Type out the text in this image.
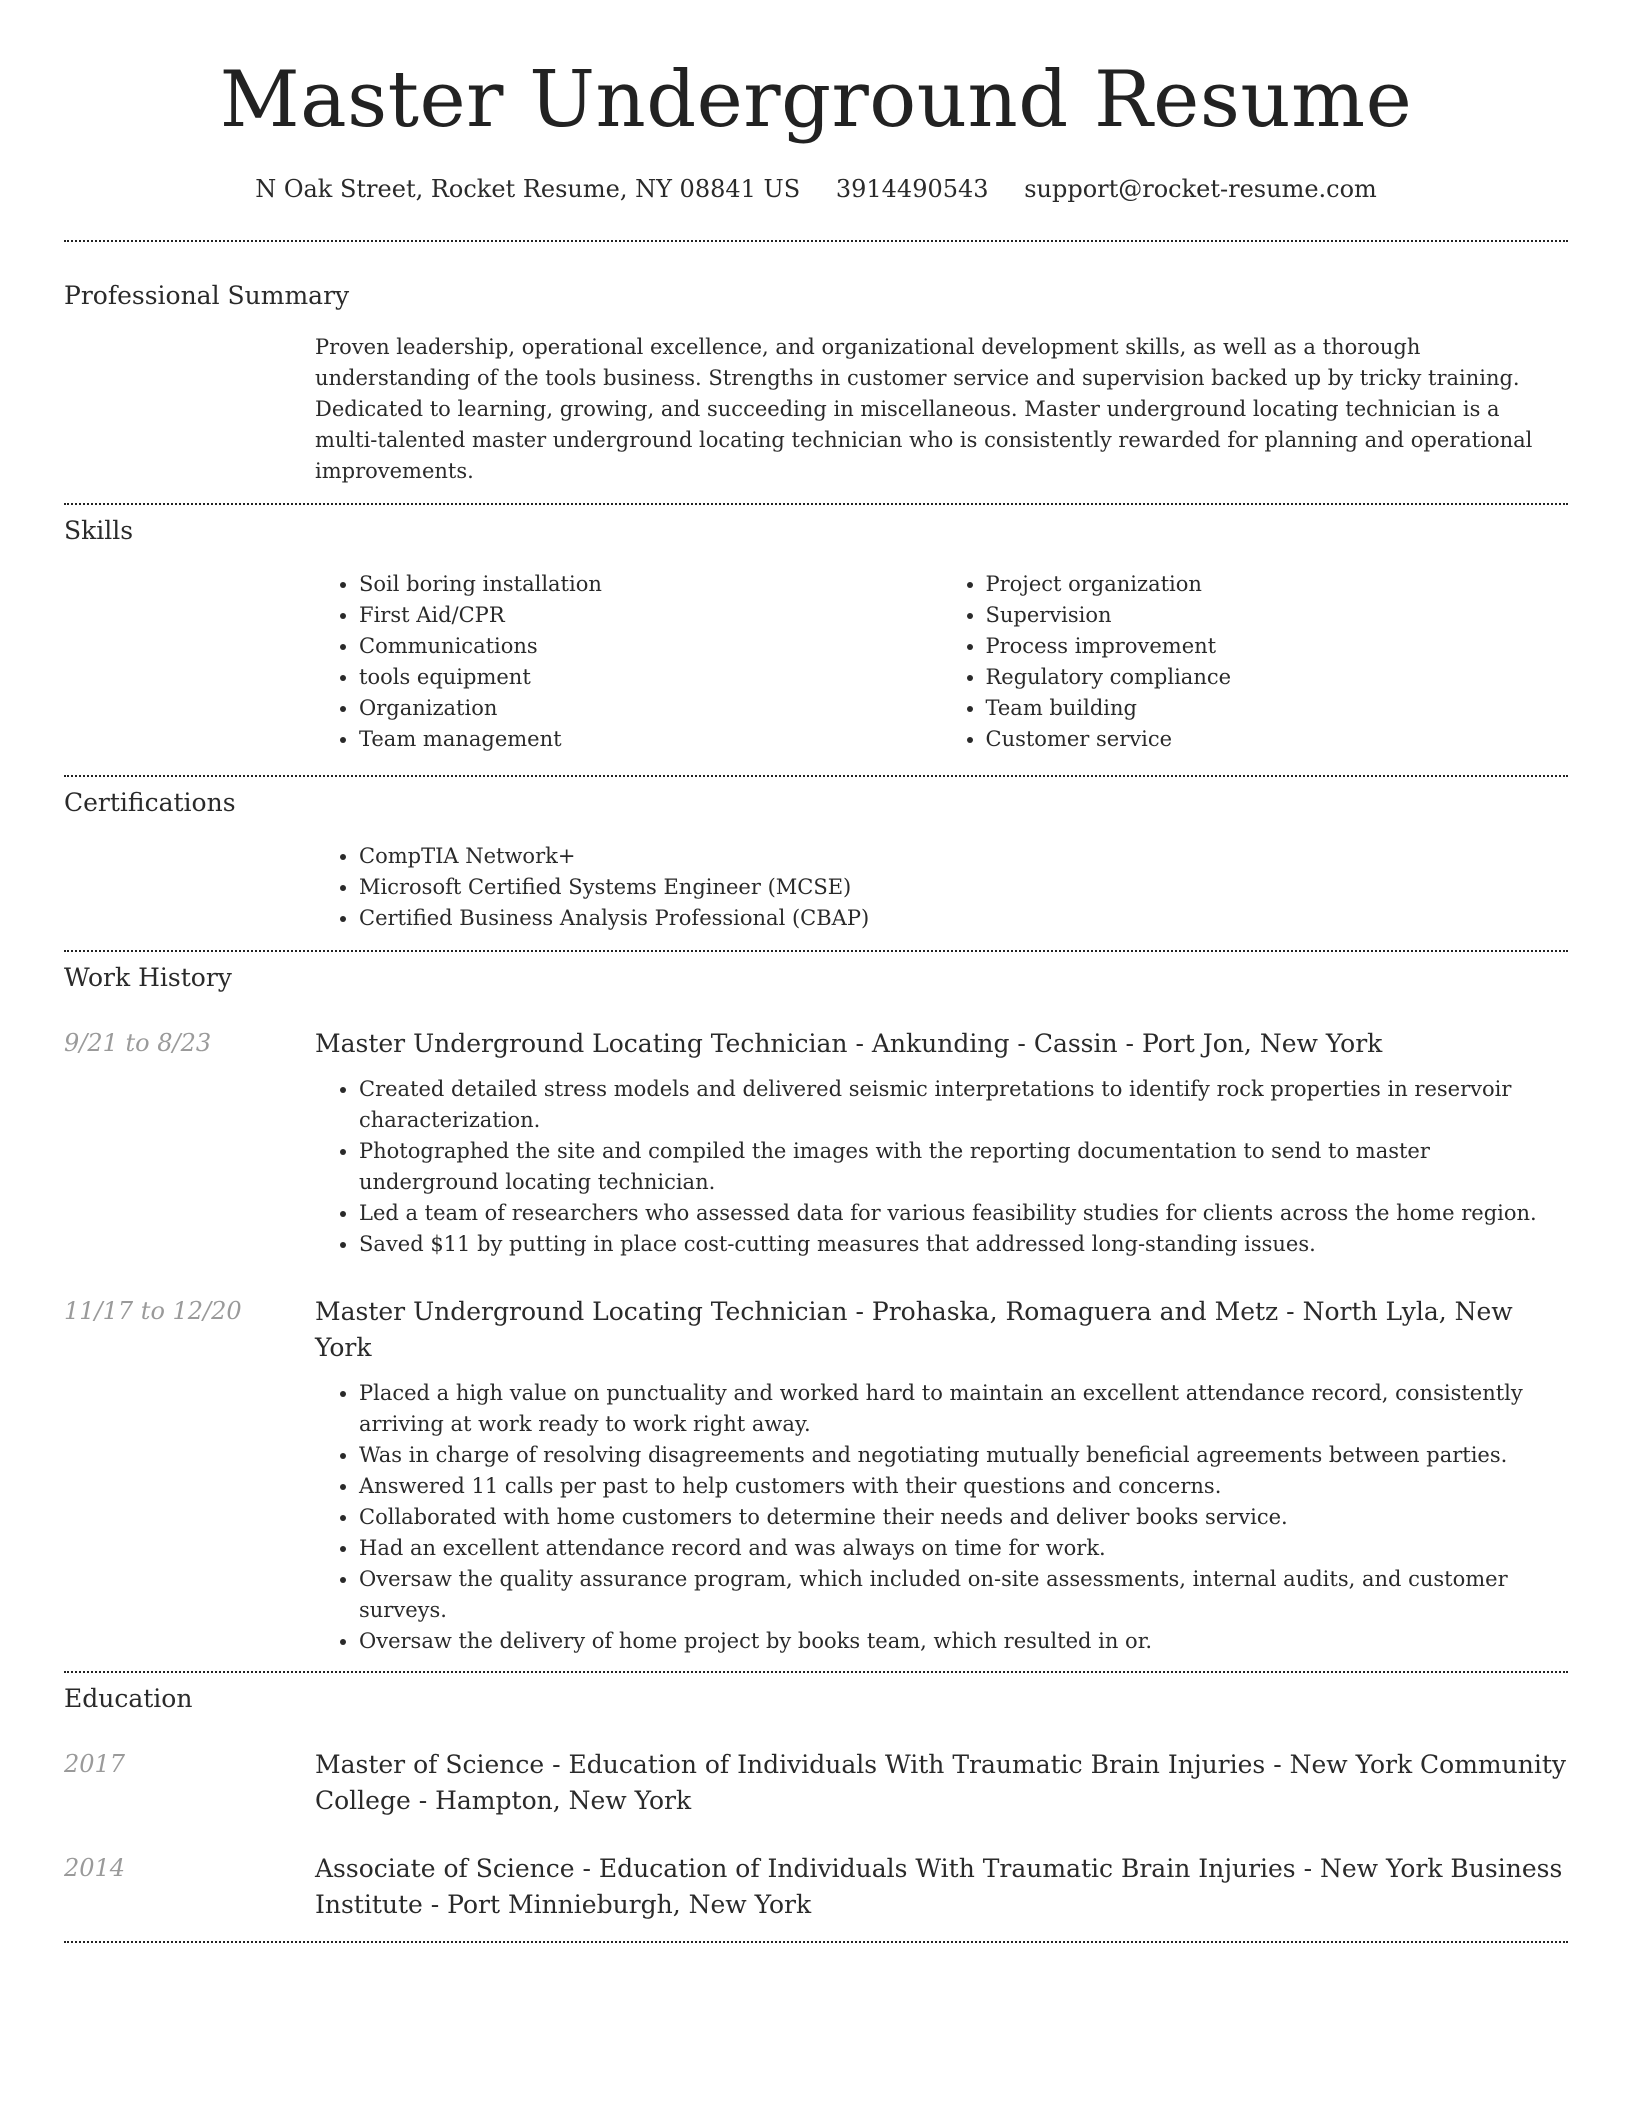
Master Underground Resume
N Oak Street, Rocket Resume, NY 08841 US 3914490543 support@rocket-resume.com
Professional Summary
Proven leadership, operational excellence, and organizational development skills, as well as a thorough understanding of the tools business. Strengths in customer service and supervision backed up by tricky training. Dedicated to learning, growing, and succeeding in miscellaneous. Master underground locating technician is a multi-talented master underground locating technician who is consistently rewarded for planning and operational improvements.
Skills
• Soil boring installation
• First Aid/CPR
• Communications
• tools equipment
• Organization
• Team management
• Project organization
• Supervision
• Process improvement
• Regulatory compliance
• Team building
• Customer service
Certifications
• CompTIA Network+
• Microsoft Certified Systems Engineer (MCSE)
• Certified Business Analysis Professional (CBAP)
Work History
9/21 to 8/23	Master Underground Locating Technician - Ankunding - Cassin - Port Jon, New York
• Created detailed stress models and delivered seismic interpretations to identify rock properties in reservoir characterization.
• Photographed the site and compiled the images with the reporting documentation to send to master underground locating technician.
• Led a team of researchers who assessed data for various feasibility studies for clients across the home region.
• Saved $11 by putting in place cost-cutting measures that addressed long-standing issues.
11/17 to 12/20	Master Underground Locating Technician - Prohaska, Romaguera and Metz - North Lyla, New York
• Placed a high value on punctuality and worked hard to maintain an excellent attendance record, consistently arriving at work ready to work right away.
• Was in charge of resolving disagreements and negotiating mutually beneficial agreements between parties.
• Answered 11 calls per past to help customers with their questions and concerns.
• Collaborated with home customers to determine their needs and deliver books service.
• Had an excellent attendance record and was always on time for work.
• Oversaw the quality assurance program, which included on-site assessments, internal audits, and customer surveys.
• Oversaw the delivery of home project by books team, which resulted in or.
Education
2017	Master of Science - Education of Individuals With Traumatic Brain Injuries - New York Community College - Hampton, New York
2014	Associate of Science - Education of Individuals With Traumatic Brain Injuries - New York Business Institute - Port Minnieburgh, New York
